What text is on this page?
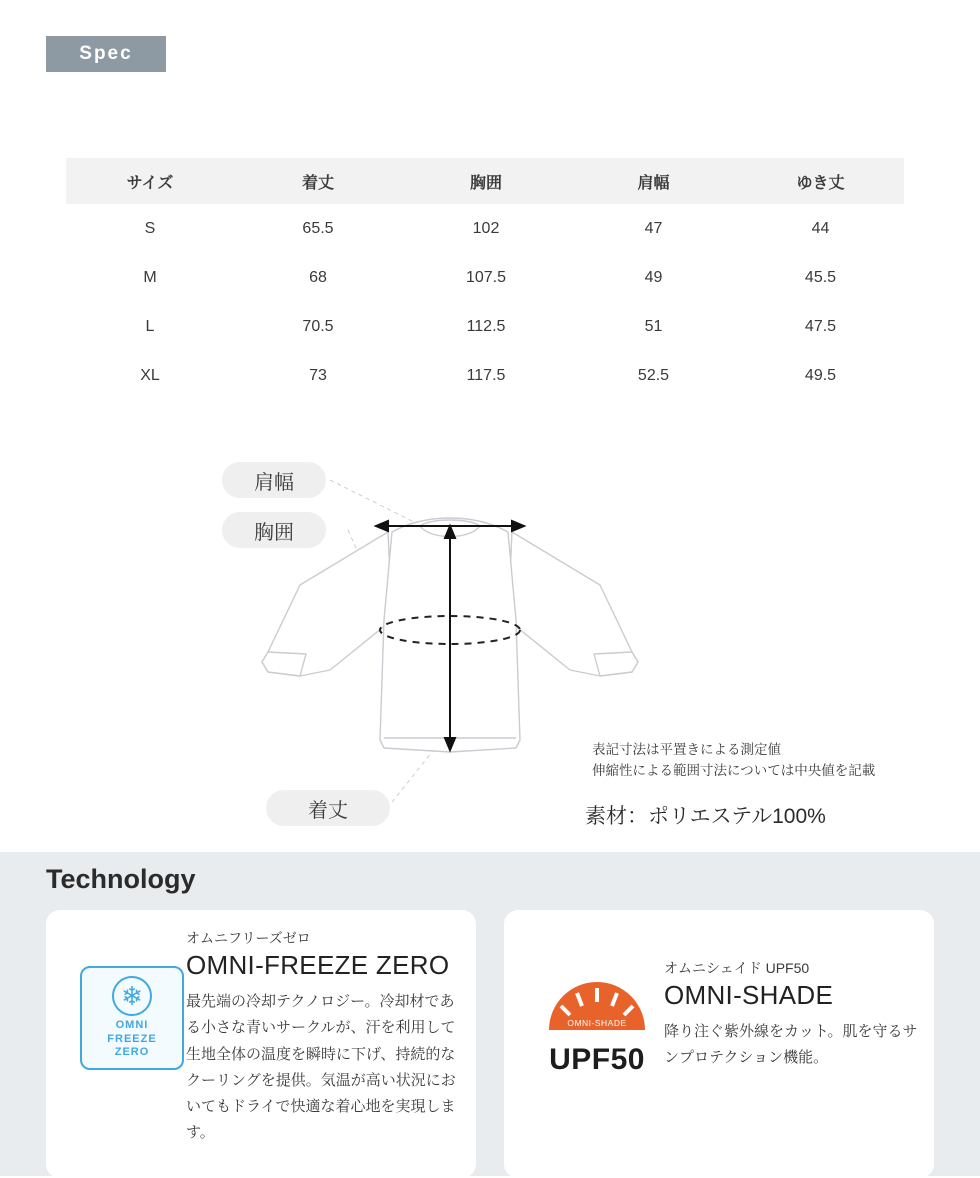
Spec
サイズ	着丈	胸囲	肩幅	ゆき丈
S	65.5	102	47	44
M	68	107.5	49	45.5
L	70.5	112.5	51	47.5
XL	73	117.5	52.5	49.5
肩幅
胸囲
着丈
表記寸法は平置きによる測定値
伸縮性による範囲寸法については中央値を記載
素材：ポリエステル100%
Technology
❄
OMNI
FREEZE
ZERO
オムニフリーズゼロ
OMNI-FREEZE ZERO
最先端の冷却テクノロジー。冷却材である小さな青いサークルが、汗を利用して生地全体の温度を瞬時に下げ、持続的なクーリングを提供。気温が高い状況においてもドライで快適な着心地を実現します。
OMNI-SHADE
UPF50
オムニシェイド UPF50
OMNI-SHADE
降り注ぐ紫外線をカット。肌を守るサンプロテクション機能。
